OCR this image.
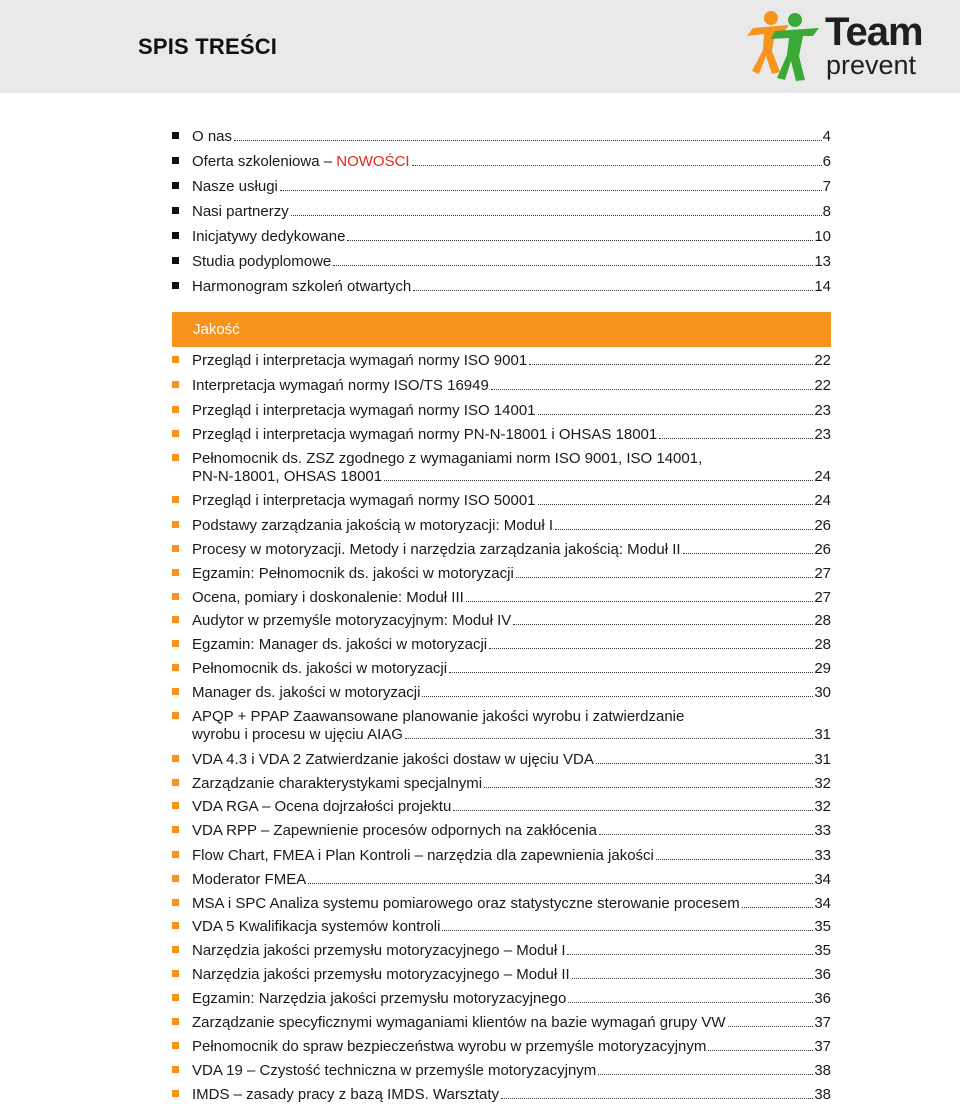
SPIS TREŚCI	Team
prevent
O nas	4
Oferta szkoleniowa – NOWOŚCI	6
Nasze usługi	7
Nasi partnerzy	8
Inicjatywy dedykowane	10
Studia podyplomowe	13
Harmonogram szkoleń otwartych	14
Jakość
Przegląd i interpretacja wymagań normy ISO 9001	22
Interpretacja wymagań normy ISO/TS 16949	22
Przegląd i interpretacja wymagań normy ISO 14001	23
Przegląd i interpretacja wymagań normy PN-N-18001 i OHSAS 18001	23
Pełnomocnik ds. ZSZ zgodnego z wymaganiami norm ISO 9001, ISO 14001,
PN-N-18001, OHSAS 18001	24
Przegląd i interpretacja wymagań normy ISO 50001	24
Podstawy zarządzania jakością w motoryzacji: Moduł I	26
Procesy w motoryzacji. Metody i narzędzia zarządzania jakością: Moduł II	26
Egzamin: Pełnomocnik ds. jakości w motoryzacji	27
Ocena, pomiary i doskonalenie: Moduł III	27
Audytor w przemyśle motoryzacyjnym: Moduł IV	28
Egzamin: Manager ds. jakości w motoryzacji	28
Pełnomocnik ds. jakości w motoryzacji	29
Manager ds. jakości w motoryzacji	30
APQP + PPAP Zaawansowane planowanie jakości wyrobu i zatwierdzanie
wyrobu i procesu w ujęciu AIAG	31
VDA 4.3 i VDA 2 Zatwierdzanie jakości dostaw w ujęciu VDA	31
Zarządzanie charakterystykami specjalnymi	32
VDA RGA – Ocena dojrzałości projektu	32
VDA RPP – Zapewnienie procesów odpornych na zakłócenia	33
Flow Chart, FMEA i Plan Kontroli – narzędzia dla zapewnienia jakości	33
Moderator FMEA	34
MSA i SPC Analiza systemu pomiarowego oraz statystyczne sterowanie procesem	34
VDA 5 Kwalifikacja systemów kontroli	35
Narzędzia jakości przemysłu motoryzacyjnego – Moduł I	35
Narzędzia jakości przemysłu motoryzacyjnego – Moduł II	36
Egzamin: Narzędzia jakości przemysłu motoryzacyjnego	36
Zarządzanie specyficznymi wymaganiami klientów na bazie wymagań grupy VW	37
Pełnomocnik do spraw bezpieczeństwa wyrobu w przemyśle motoryzacyjnym	37
VDA 19 – Czystość techniczna w przemyśle motoryzacyjnym	38
IMDS – zasady pracy z bazą IMDS. Warsztaty	38
